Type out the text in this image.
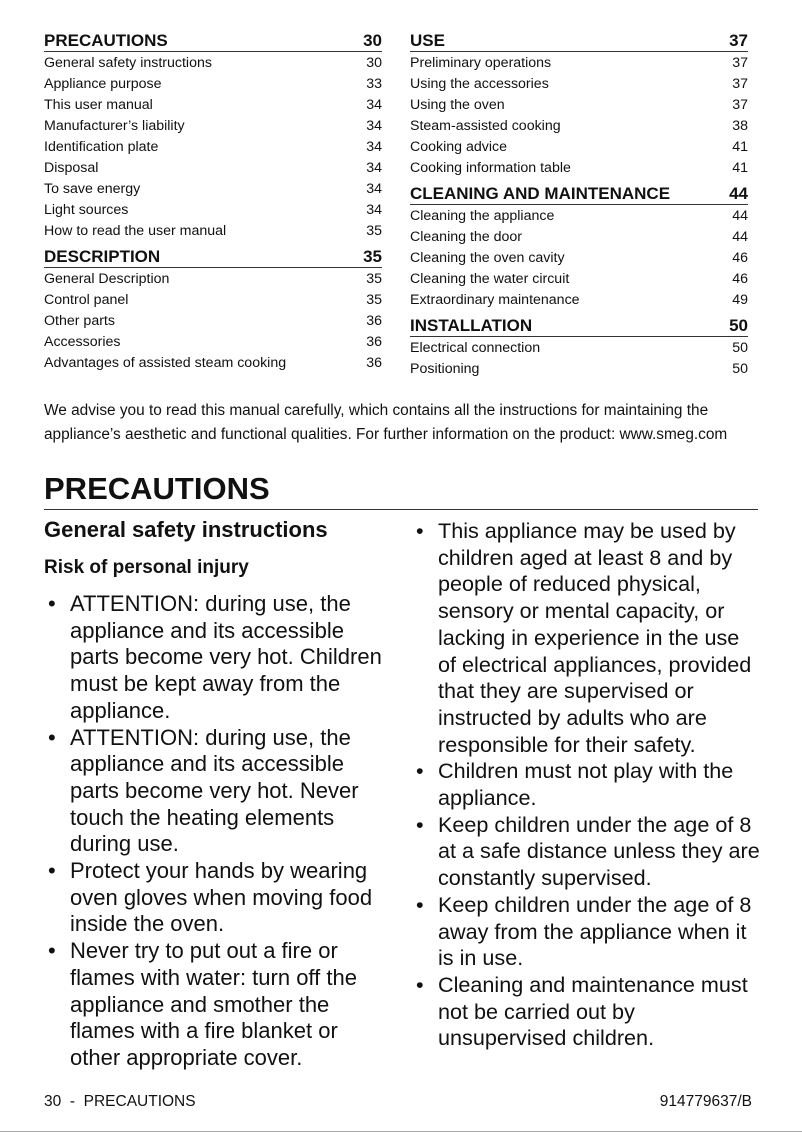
PRECAUTIONS	30
General safety instructions	30
Appliance purpose	33
This user manual	34
Manufacturer’s liability	34
Identification plate	34
Disposal	34
To save energy	34
Light sources	34
How to read the user manual	35
DESCRIPTION	35
General Description	35
Control panel	35
Other parts	36
Accessories	36
Advantages of assisted steam cooking	36
USE	37
Preliminary operations	37
Using the accessories	37
Using the oven	37
Steam-assisted cooking	38
Cooking advice	41
Cooking information table	41
CLEANING AND MAINTENANCE	44
Cleaning the appliance	44
Cleaning the door	44
Cleaning the oven cavity	46
Cleaning the water circuit	46
Extraordinary maintenance	49
INSTALLATION	50
Electrical connection	50
Positioning	50

We advise you to read this manual carefully, which contains all the instructions for maintaining the appliance’s aesthetic and functional qualities. For further information on the product: www.smeg.com

PRECAUTIONS
General safety instructions
Risk of personal injury
• ATTENTION: during use, the appliance and its accessible parts become very hot. Children must be kept away from the appliance.
• ATTENTION: during use, the appliance and its accessible parts become very hot. Never touch the heating elements during use.
• Protect your hands by wearing oven gloves when moving food inside the oven.
• Never try to put out a fire or flames with water: turn off the appliance and smother the flames with a fire blanket or other appropriate cover.
• This appliance may be used by children aged at least 8 and by people of reduced physical, sensory or mental capacity, or lacking in experience in the use of electrical appliances, provided that they are supervised or instructed by adults who are responsible for their safety.
• Children must not play with the appliance.
• Keep children under the age of 8 at a safe distance unless they are constantly supervised.
• Keep children under the age of 8 away from the appliance when it is in use.
• Cleaning and maintenance must not be carried out by unsupervised children.
30  -  PRECAUTIONS	914779637/B
